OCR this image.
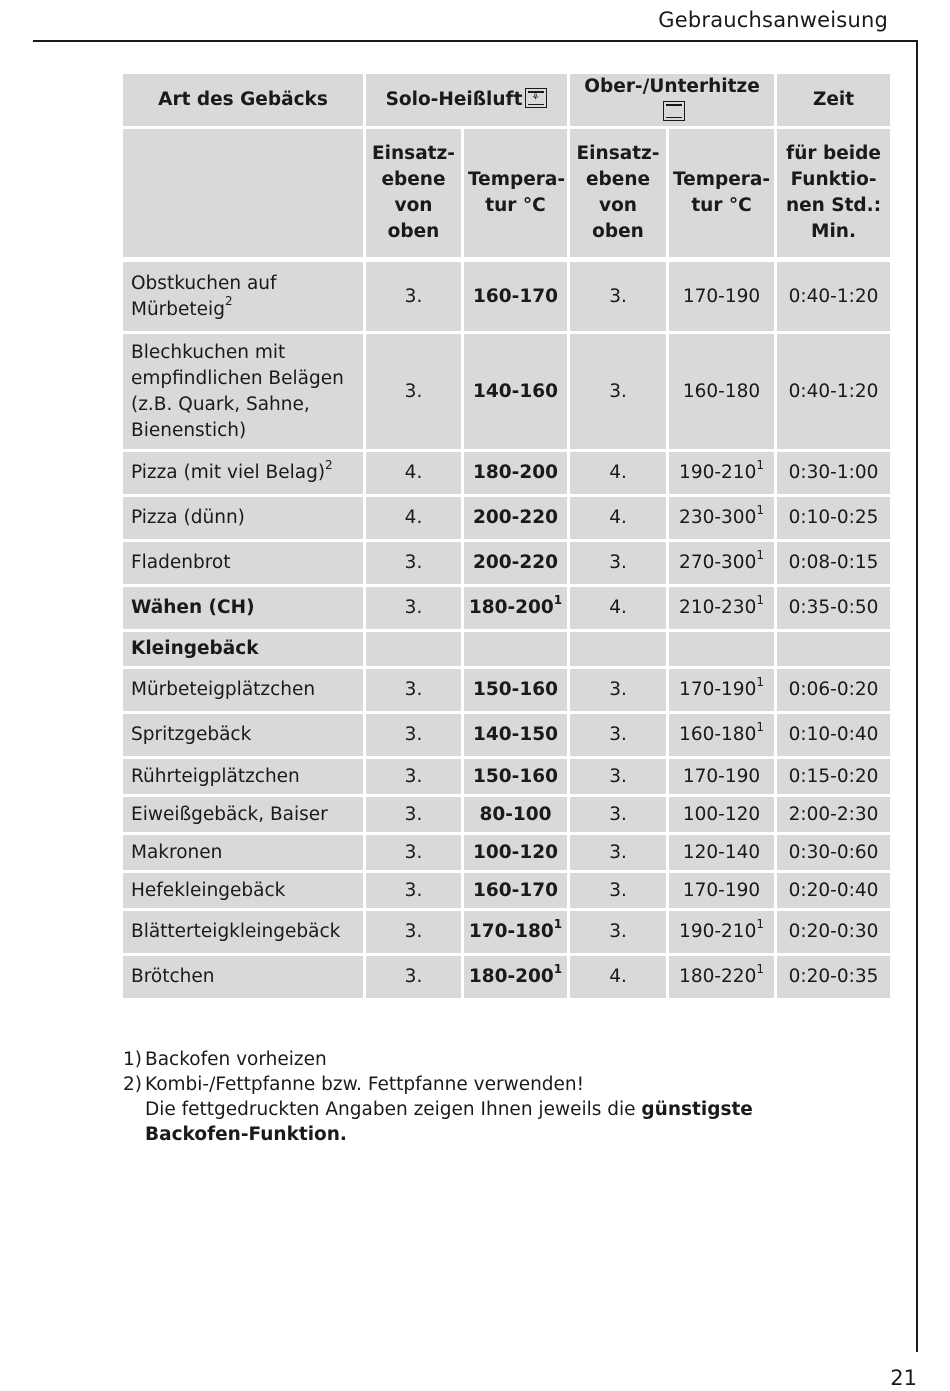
Gebrauchsanweisung
Art des Gebäcks	Solo-Heißluft ⚘		Ober-/Unterhitze		Zeit
	Einsatz- ebene von oben	Tempera- tur °C	Einsatz- ebene von oben	Tempera- tur °C	für beide Funktio- nen Std.: Min.
Obstkuchen auf Mürbeteig$^2$	3.	160-170	3.	170-190	0:40-1:20
Blechkuchen mit empfindlichen Belägen (z.B. Quark, Sahne, Bienenstich)	3.	140-160	3.	160-180	0:40-1:20
Pizza (mit viel Belag)$^2$	4.	180-200	4.	$190-210^1$	0:30-1:00
Pizza (dünn)	4.	200-220	4.	$230-300^1$	0:10-0:25
Fladenbrot	3.	200-220	3.	$270-300^1$	0:08-0:15
Wähen (CH)	3.	$180-200^1$	4.	$210-230^1$	0:35-0:50
Kleingebäck					
Mürbeteigplätzchen	3.	150-160	3.	$170-190^1$	0:06-0:20
Spritzgebäck	3.	140-150	3.	$160-180^1$	0:10-0:40
Rührteigplätzchen	3.	150-160	3.	170-190	0:15-0:20
Eiweißgebäck, Baiser	3.	80-100	3.	100-120	2:00-2:30
Makronen	3.	100-120	3.	120-140	0:30-0:60
Hefekleingebäck	3.	160-170	3.	170-190	0:20-0:40
Blätterteigkleingebäck	3.	$170-180^1$	3.	$190-210^1$	0:20-0:30
Brötchen	3.	$180-200^1$	4.	$180-220^1$	0:20-0:35
1) Backofen vorheizen
2) Kombi-/Fettpfanne bzw. Fettpfanne verwenden!
Die fettgedruckten Angaben zeigen Ihnen jeweils die günstigste Backofen-Funktion.
21
